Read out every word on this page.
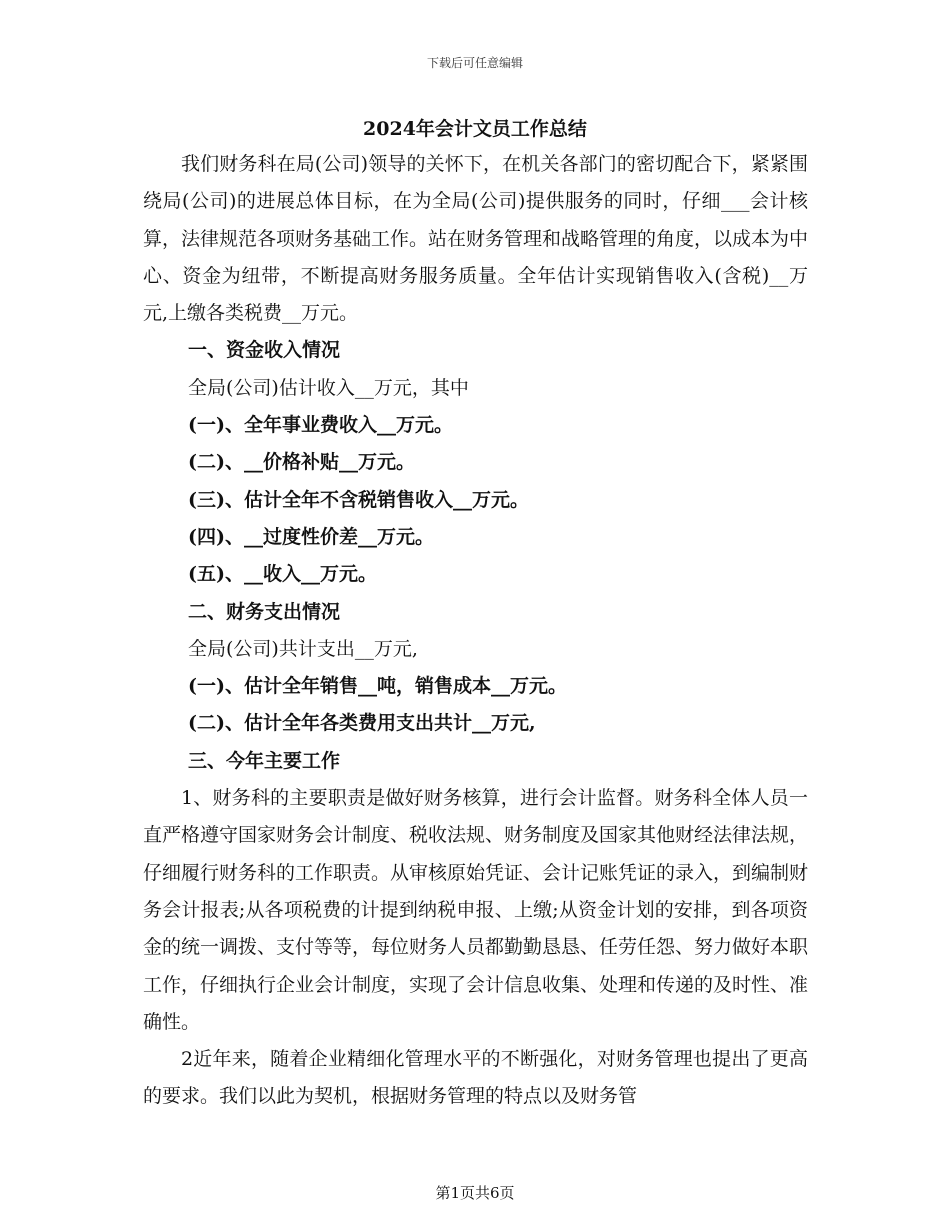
下载后可任意编辑
2024年会计文员工作总结

我们财务科在局(公司)领导的关怀下，在机关各部门的密切配合下，紧紧围绕局(公司)的进展总体目标，在为全局(公司)提供服务的同时，仔细___会计核算，法律规范各项财务基础工作。站在财务管理和战略管理的角度，以成本为中心、资金为纽带，不断提高财务服务质量。全年估计实现销售收入(含税)__万元,上缴各类税费__万元。

一、资金收入情况

全局(公司)估计收入__万元，其中

(一)、全年事业费收入__万元。

(二)、__价格补贴__万元。

(三)、估计全年不含税销售收入__万元。

(四)、__过度性价差__万元。

(五)、__收入__万元。

二、财务支出情况

全局(公司)共计支出__万元,

(一)、估计全年销售__吨，销售成本__万元。

(二)、估计全年各类费用支出共计__万元,

三、今年主要工作

1、财务科的主要职责是做好财务核算，进行会计监督。财务科全体人员一直严格遵守国家财务会计制度、税收法规、财务制度及国家其他财经法律法规，仔细履行财务科的工作职责。从审核原始凭证、会计记账凭证的录入，到编制财务会计报表;从各项税费的计提到纳税申报、上缴;从资金计划的安排，到各项资金的统一调拨、支付等等，每位财务人员都勤勤恳恳、任劳任怨、努力做好本职工作，仔细执行企业会计制度，实现了会计信息收集、处理和传递的及时性、准确性。

2近年来，随着企业精细化管理水平的不断强化，对财务管理也提出了更高的要求。我们以此为契机，根据财务管理的特点以及财务管

第1页共6页
